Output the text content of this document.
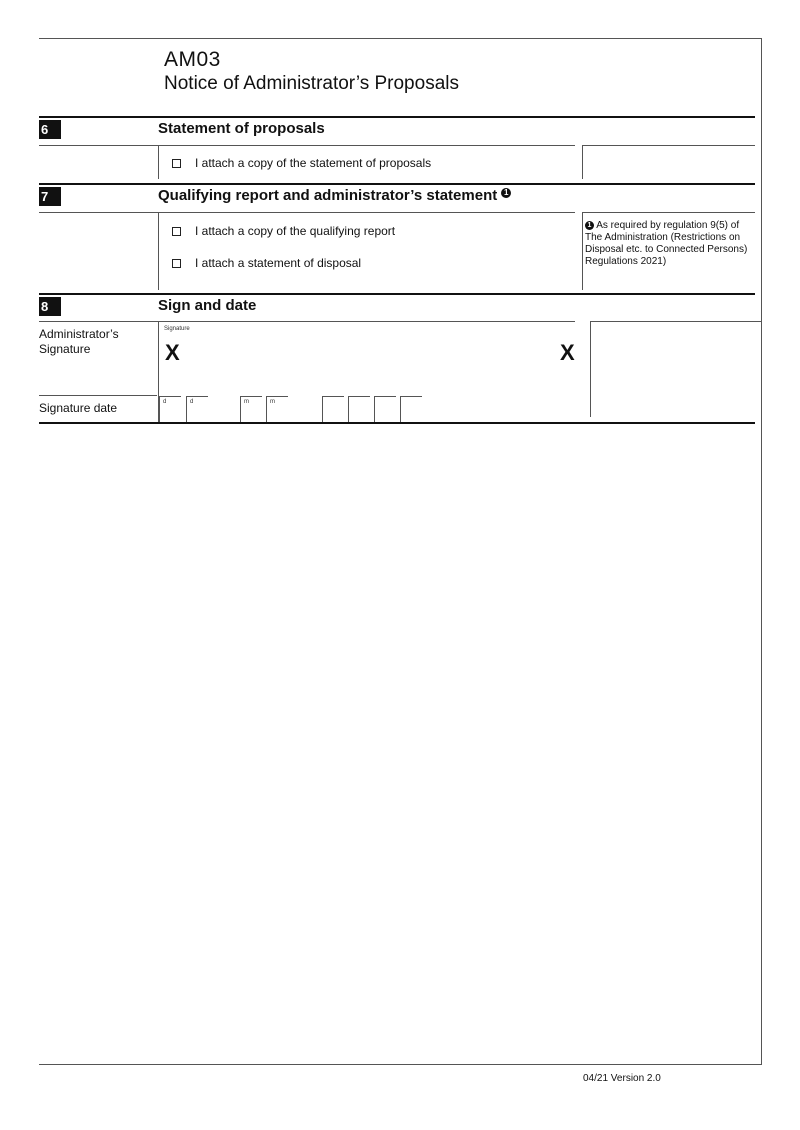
AM03
Notice of Administrator’s Proposals
6	Statement of proposals
I attach a copy of the statement of proposals
7	Qualifying report and administrator’s statement 1
I attach a copy of the qualifying report
I attach a statement of disposal
1 As required by regulation 9(5) of The Administration (Restrictions on Disposal etc. to Connected Persons) Regulations 2021)
8	Sign and date
Administrator’s Signature
Signature
X	X
Signature date	d	d	m	m
04/21 Version 2.0
